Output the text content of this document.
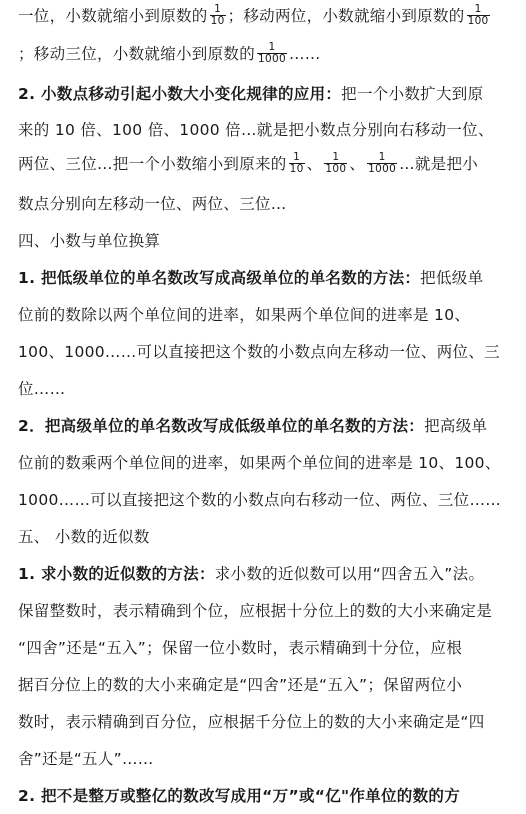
一位，小数就缩小到原数的 $\frac{1}{10}$ ；移动两位，小数就缩小到原数的 $\frac{1}{100}$
；移动三位，小数就缩小到原数的 $\frac{1}{1000}$ ……
2. 小数点移动引起小数大小变化规律的应用：把一个小数扩大到原
来的 10 倍、100 倍、1000 倍…就是把小数点分别向右移动一位、
两位、三位…把一个小数缩小到原来的 $\frac{1}{10}$ 、 $\frac{1}{100}$ 、 $\frac{1}{1000}$ …就是把小
数点分别向左移动一位、两位、三位…
四、小数与单位换算
1. 把低级单位的单名数改写成高级单位的单名数的方法：把低级单
位前的数除以两个单位间的进率，如果两个单位间的进率是 10、
100、1000……可以直接把这个数的小数点向左移动一位、两位、三
位……
2．把高级单位的单名数改写成低级单位的单名数的方法：把高级单
位前的数乘两个单位间的进率，如果两个单位间的进率是 10、100、
1000……可以直接把这个数的小数点向右移动一位、两位、三位……
五、 小数的近似数
1. 求小数的近似数的方法：求小数的近似数可以用“四舍五入”法。
保留整数时，表示精确到个位，应根据十分位上的数的大小来确定是
“四舍”还是“五入”；保留一位小数时，表示精确到十分位，应根
据百分位上的数的大小来确定是“四舍”还是“五入”；保留两位小
数时，表示精确到百分位，应根据千分位上的数的大小来确定是“四
舍”还是“五人”……
2. 把不是整万或整亿的数改写成用“万”或“亿"作单位的数的方
